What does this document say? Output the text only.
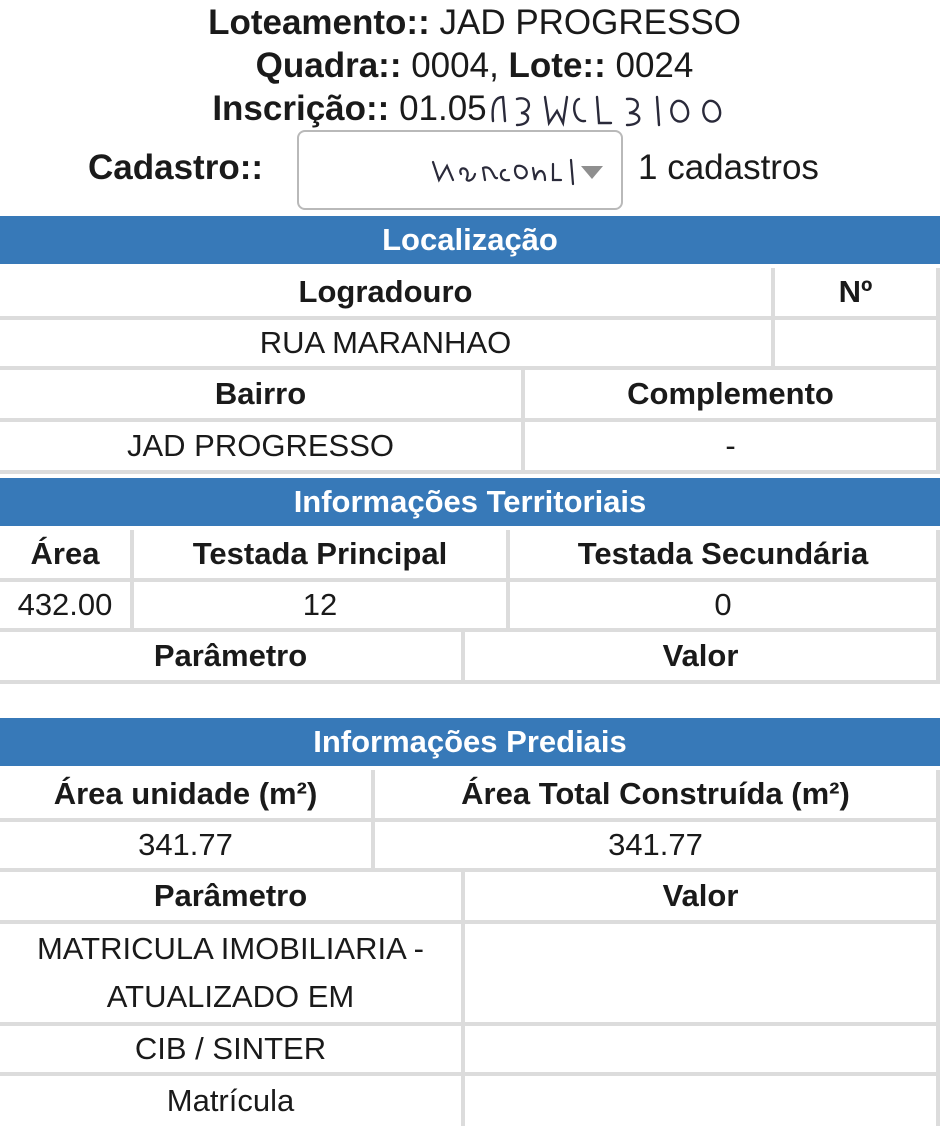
Loteamento:: JAD PROGRESSO
Quadra:: 0004, Lote:: 0024
Inscrição:: 01.05
Cadastro::	1 cadastros
Localização
Logradouro	Nº
RUA MARANHAO
Bairro	Complemento
JAD PROGRESSO	-
Informações Territoriais
Área	Testada Principal	Testada Secundária
432.00	12	0
Parâmetro	Valor
Informações Prediais
Área unidade (m²)	Área Total Construída (m²)
341.77	341.77
Parâmetro	Valor
MATRICULA IMOBILIARIA -
ATUALIZADO EM
CIB / SINTER
Matrícula
